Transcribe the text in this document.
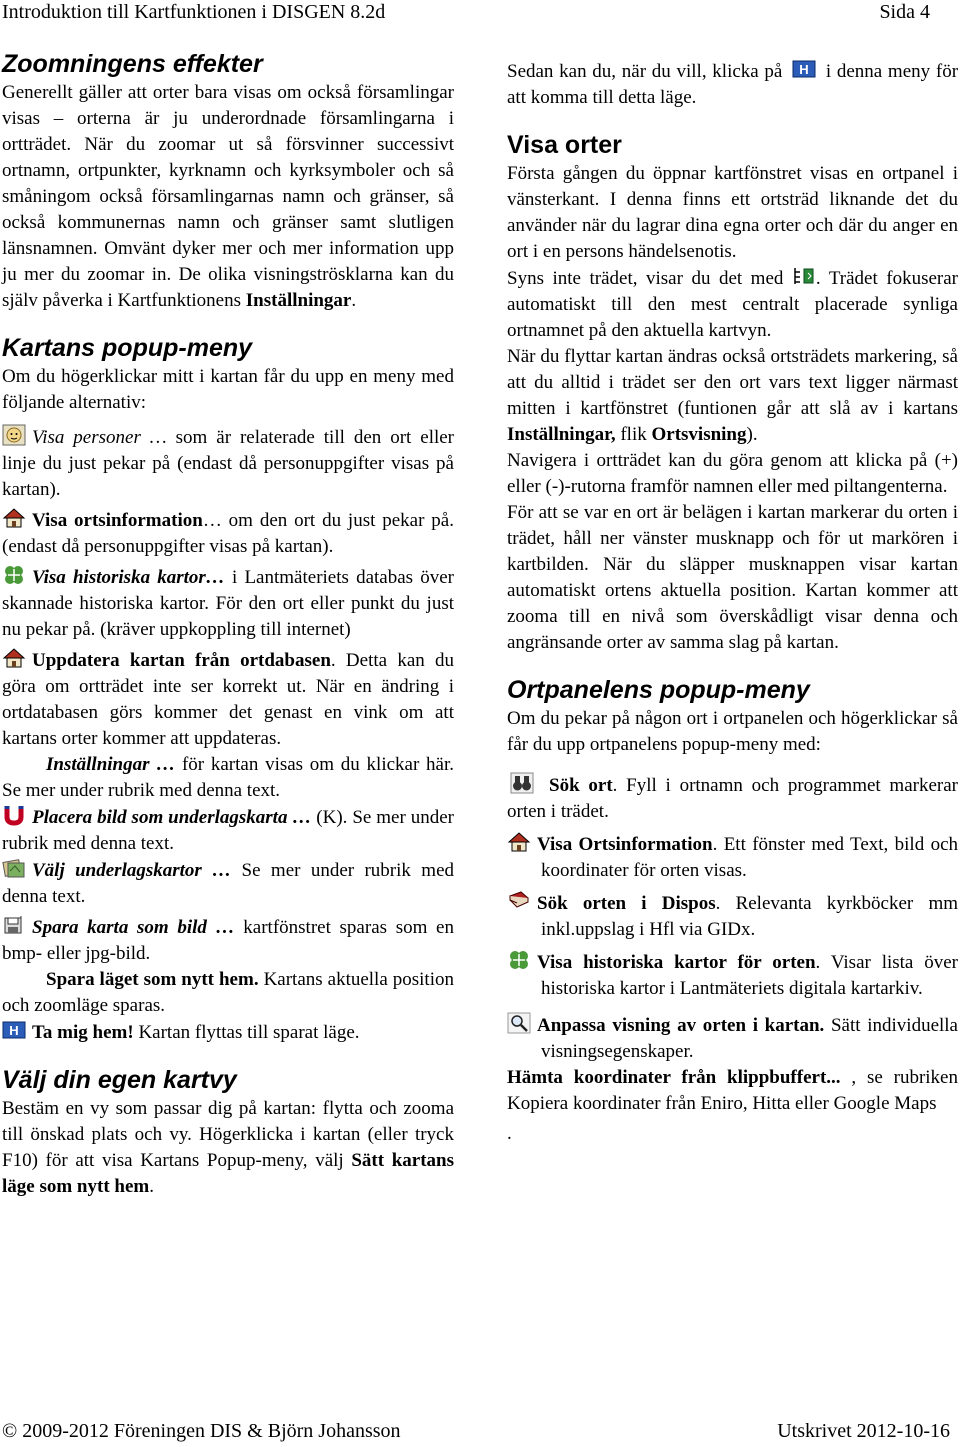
Introduktion till Kartfunktionen i DISGEN 8.2d	Sida 4
Zoomningens effekter

Generellt gäller att orter bara visas om också församlingar visas – orterna är ju underordnade församlingarna i ortträdet. När du zoomar ut så försvinner successivt ortnamn, ortpunkter, kyrknamn och kyrksymboler och så småningom också församlingarnas namn och gränser, så också kommunernas namn och gränser samt slutligen länsnamnen. Omvänt dyker mer och mer information upp ju mer du zoomar in. De olika visningströsklarna kan du själv påverka i Kartfunktionens Inställningar.

Kartans popup-meny

Om du högerklickar mitt i kartan får du upp en meny med följande alternativ:

Visa personer … som är relaterade till den ort eller linje du just pekar på (endast då personuppgifter visas på kartan).

Visa ortsinformation… om den ort du just pekar på. (endast då personuppgifter visas på kartan).

Visa historiska kartor… i Lantmäteriets databas över skannade historiska kartor. För den ort eller punkt du just nu pekar på. (kräver uppkoppling till internet)

Uppdatera kartan från ortdabasen. Detta kan du göra om ortträdet inte ser korrekt ut. När en ändring i ortdatabasen görs kommer det genast en vink om att kartans orter kommer att uppdateras.

Inställningar … för kartan visas om du klickar här. Se mer under rubrik med denna text.

Placera bild som underlagskarta … (K). Se mer under rubrik med denna text.

Välj underlagskartor … Se mer under rubrik med denna text.

Spara karta som bild … kartfönstret sparas som en bmp- eller jpg-bild.

Spara läget som nytt hem. Kartans aktuella position och zoomläge sparas.

H Ta mig hem! Kartan flyttas till sparat läge.

Välj din egen kartvy

Bestäm en vy som passar dig på kartan: flytta och zooma till önskad plats och vy. Högerklicka i kartan (eller tryck F10) för att visa Kartans Popup-meny, välj Sätt kartans läge som nytt hem.

Sedan kan du, när du vill, klicka på H i denna meny för att komma till detta läge.

Visa orter

Första gången du öppnar kartfönstret visas en ortpanel i vänsterkant. I denna finns ett ortsträd liknande det du använder när du lagrar dina egna orter och där du anger en ort i en persons händelsenotis.

Syns inte trädet, visar du det med . Trädet fokuserar automatiskt till den mest centralt placerade synliga ortnamnet på den aktuella kartvyn.

När du flyttar kartan ändras också ortsträdets markering, så att du alltid i trädet ser den ort vars text ligger närmast mitten i kartfönstret (funtionen går att slå av i kartans Inställningar, flik Ortsvisning).

Navigera i ortträdet kan du göra genom att klicka på (+) eller (-)-rutorna framför namnen eller med piltangenterna.

För att se var en ort är belägen i kartan markerar du orten i trädet, håll ner vänster musknapp och för ut markören i kartbilden. När du släpper musknappen visar kartan automatiskt ortens aktuella position. Kartan kommer att zooma till en nivå som överskådligt visar denna och angränsande orter av samma slag på kartan.

Ortpanelens popup-meny

Om du pekar på någon ort i ortpanelen och högerklickar så får du upp ortpanelens popup-meny med:

Sök ort. Fyll i ortnamn och programmet markerar orten i trädet.

Visa Ortsinformation. Ett fönster med Text, bild och koordinater för orten visas.

Sök orten i Dispos. Relevanta kyrkböcker mm inkl.uppslag i Hfl via GIDx.

Visa historiska kartor för orten. Visar lista över historiska kartor i Lantmäteriets digitala kartarkiv.

Anpassa visning av orten i kartan. Sätt individuella visningsegenskaper.

Hämta koordinater från klippbuffert... , se rubriken Kopiera koordinater från Eniro, Hitta eller Google Maps

.

© 2009-2012 Föreningen DIS & Björn Johansson	Utskrivet 2012-10-16
